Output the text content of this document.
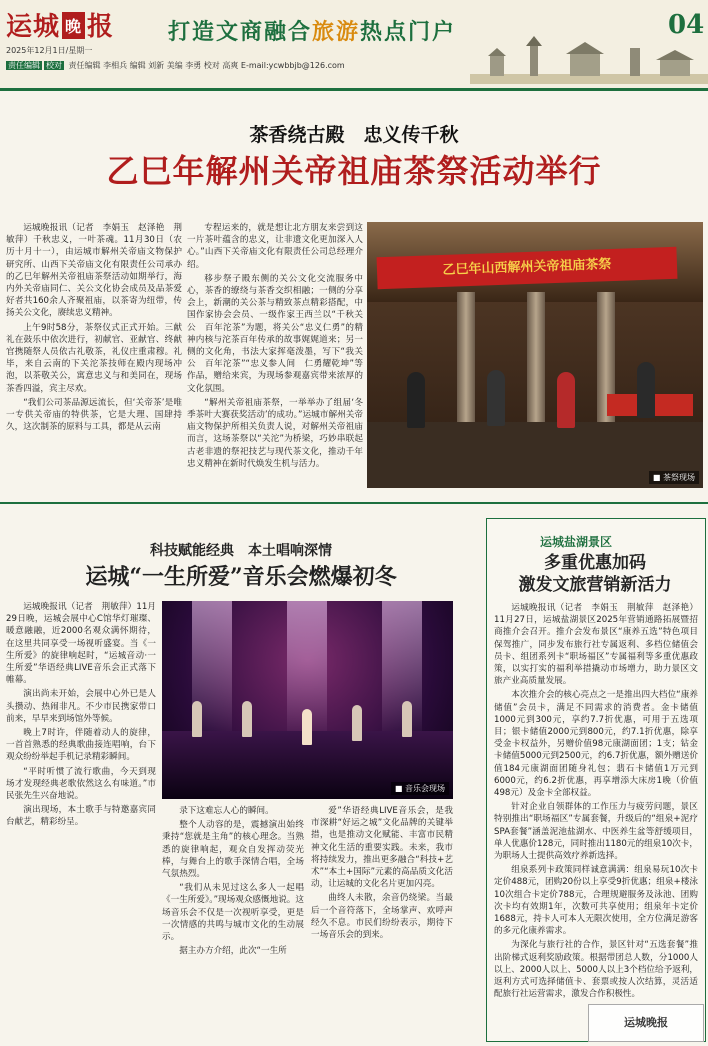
运城 晚 报 打造文商融合旅游热点门户	04
2025年12月1日/星期一
责任编辑 校对 责任编辑 李相兵 编辑 刘新 美编 李勇 校对 高爽 E-mail:ycwbbjb@126.com
茶香绕古殿　忠义传千秋
乙巳年解州关帝祖庙茶祭活动举行

运城晚报讯（记者　李娟玉　赵泽艳　荆敏萍）千秋忠义，一叶茶魂。11月30日（农历十月十一），由运城市解州关帝庙文物保护研究所、山西下关帝庙文化有限责任公司承办的乙巳年解州关帝祖庙茶祭活动如期举行，海内外关帝庙同仁、关公文化协会成员及品茶爱好者共160余人齐聚祖庙，以茶寄为纽带，传扬关公文化，赓续忠义精神。

上午9时58分，茶祭仪式正式开始。三献礼在鼓乐中依次进行，初献官、亚献官、终献官携随祭人员依古礼敬茶，礼仪庄重肃穆。礼毕，来自云南的下关沱茶技师在殿内现场冲泡，以茶敬关公，寓意忠义与和美同在，现场茶香四溢，宾主尽欢。

“我们公司茶品源远流长，但‘关帝茶’是唯一专供关帝庙的特供茶，它是大理、国肆持久，这次制茶的原料与工具，都是从云南

专程运来的，就是想让北方朋友来尝到这一片茶叶蕴含的忠义，让非遗文化更加深入人心。”山西下关帝庙文化有限责任公司总经理介绍。

移步祭子殿东侧的关公文化交流服务中心，茶香的缭绕与茶香交织相融；一侧的分享会上，新潮的关公茶与精致茶点精彩搭配，中国作家协会会员、一级作家王西兰以“千秋关公　百年沱茶”为题，将关公“忠义仁勇”的精神内核与沱茶百年传承的故事娓娓道来；另一侧的文化角，书法大家挥毫泼墨，写下“我关公　百年沱茶”“忠义参人间　仁勇耀乾坤”等作品，赠给来宾，为现场参观嘉宾带来浓厚的文化氛围。

“解州关帝祖庙茶祭，一举举办了组届‘冬季茶叶大赛获奖活动’的成功。”运城市解州关帝庙文物保护所相关负责人说，对解州关帝祖庙而言，这场茶祭以“关沱”为桥梁，巧妙串联起古老非遗的祭祀技艺与现代茶文化，推动千年忠义精神在新时代焕发生机与活力。

乙巳年山西解州关帝祖庙茶祭
■ 茶祭现场
科技赋能经典　本土唱响深情
运城“一生所爱”音乐会燃爆初冬

运城晚报讯（记者　荆敏萍）11月29日晚，运城会展中心C馆华灯璀璨、暖意融融，近2000名观众满怀期待，在这里共同享受一场视听盛宴。当《一生所爱》的旋律响起时，“运城音动·一生所爱”华语经典LIVE音乐会正式落下帷幕。

演出尚未开始，会展中心外已是人头攒动、热闹非凡。不少市民携家带口前来，早早来到场馆外等候。

晚上7时许，伴随着动人的旋律，一首首熟悉的经典歌曲接连唱响，台下观众纷纷举起手机记录精彩瞬间。

“平时听惯了流行歌曲，今天到现场才发现经典老歌依然这么有味道。”市民张先生兴奋地说。

演出现场，本土歌手与特邀嘉宾同台献艺，精彩纷呈。

■ 音乐会现场

录下这难忘人心的瞬间。

整个人动容的是，震撼演出始终秉持“您就是主角”的核心理念。当熟悉的旋律响起，观众自发挥动荧光棒，与舞台上的歌手深情合唱，全场气氛热烈。

“我们从未见过这么多人一起唱《一生所爱》。”现场观众感慨地说。这场音乐会不仅是一次视听享受，更是一次情感的共鸣与城市文化的生动展示。

据主办方介绍，此次“一生所

爱”华语经典LIVE音乐会，是我市深耕“好运之城”文化品牌的关键举措，也是推动文化赋能、丰富市民精神文化生活的重要实践。未来，我市将持续发力，推出更多融合“科技+艺术”“本土+国际”元素的高品质文化活动，让运城的文化名片更加闪亮。

曲终人未散，余音仍绕梁。当最后一个音符落下，全场掌声、欢呼声经久不息。市民们纷纷表示，期待下一场音乐会的到来。

运城盐湖景区
多重优惠加码
激发文旅营销新活力

运城晚报讯（记者　李娟玉　荆敏萍　赵泽艳）11月27日，运城盐湖景区2025年营销通路拓展暨招商推介会召开。推介会发布景区“康养五选”特色项目保驾推广，同步发布旅行社专属返利、多档位储值会员卡、组团系列卡“职场福区”专属福利等多重优惠政策，以实打实的福利举措撬动市场增力，助力景区文旅产业高质量发展。

本次推介会的核心亮点之一是推出四大档位“康养储值”会员卡，满足不同需求的消费者。金卡储值1000元到300元，享约7.7折优惠，可用于五选项目；银卡储值2000元到800元，约7.1折优惠，除享受金卡权益外，另赠价值98元康湖面团；1支；钻金卡储值5000元到2500元，约6.7折优惠，额外赠送价值184元康湖面团随身礼包；翡石卡储值1万元到6000元，约6.2折优惠，再享增添大床房1晚（价值498元）及金卡全部权益。

针对企业自领群体的工作压力与疲劳问题，景区特别推出“职场福区”专属套餐，升级后的“组泉+泥疗SPA套餐”涵盖泥池盐湖水、中医养生盆等舒缓项目，单人优惠价128元，同时推出1180元的组泉10次卡，为职场人士提供高效疗养新选择。

组泉系列卡政策同样诚意满满：组泉易玩10次卡定价488元，团购20份以上享受9折优惠；组泉+楼泳10次组合卡定价788元，合理规避服务及泳池、团购次卡均有效期1年，次数可共享使用；组泉年卡定价1688元，持卡人可本人无限次使用，全方位满足游客的多元化康养需求。

为深化与旅行社的合作，景区针对“五选套餐”推出阶梯式返利奖励政策。根据带团总人数，分1000人以上、2000人以上、5000人以上3个档位给予返利，返利方式可选择储值卡、套票或按人次结算，灵活适配旅行社运营需求，激发合作积极性。

运城晚报
